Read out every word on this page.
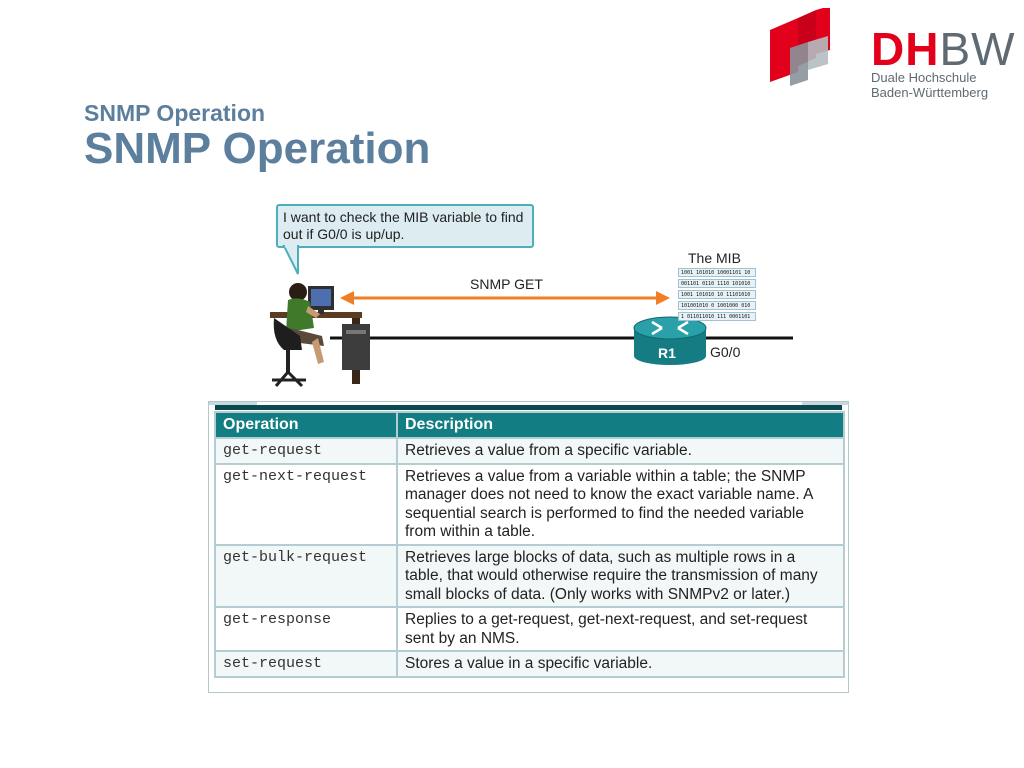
DHBW
Duale Hochschule
Baden-Württemberg
SNMP Operation
SNMP Operation
I want to check the MIB variable to find out if G0/0 is up/up.
The MIB
SNMP GET
R1 G0/0
1001 101010 10001101 10
001101 0110 1110 101010
1001 101010 10 11101010
101001010 0 1001000 010
1 011011010 111 0001101
Operation	Description
get-request	Retrieves a value from a specific variable.
get-next-request	Retrieves a value from a variable within a table; the SNMP manager does not need to know the exact variable name. A sequential search is performed to find the needed variable from within a table.
get-bulk-request	Retrieves large blocks of data, such as multiple rows in a table, that would otherwise require the transmission of many small blocks of data. (Only works with SNMPv2 or later.)
get-response	Replies to a get-request, get-next-request, and set-request sent by an NMS.
set-request	Stores a value in a specific variable.
